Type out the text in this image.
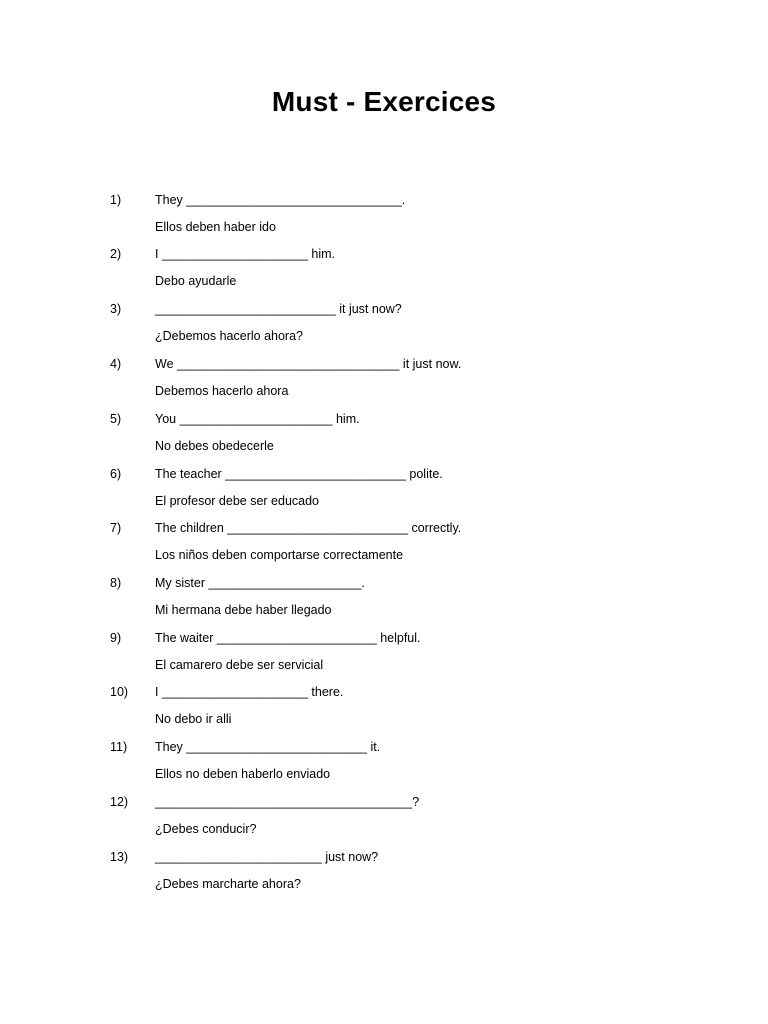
Must - Exercices
1)	They _______________________________.
Ellos deben haber ido
2)	I _____________________ him.
Debo ayudarle
3)	__________________________ it just now?
¿Debemos hacerlo ahora?
4)	We ________________________________ it just now.
Debemos hacerlo ahora
5)	You ______________________ him.
No debes obedecerle
6)	The teacher __________________________ polite.
El profesor debe ser educado
7)	The children __________________________ correctly.
Los niños deben comportarse correctamente
8)	My sister ______________________.
Mi hermana debe haber llegado
9)	The waiter _______________________ helpful.
El camarero debe ser servicial
10) I _____________________ there.
No debo ir alli
11) They __________________________ it.
Ellos no deben haberlo enviado
12) _____________________________________?
¿Debes conducir?
13) ________________________ just now?
¿Debes marcharte ahora?
